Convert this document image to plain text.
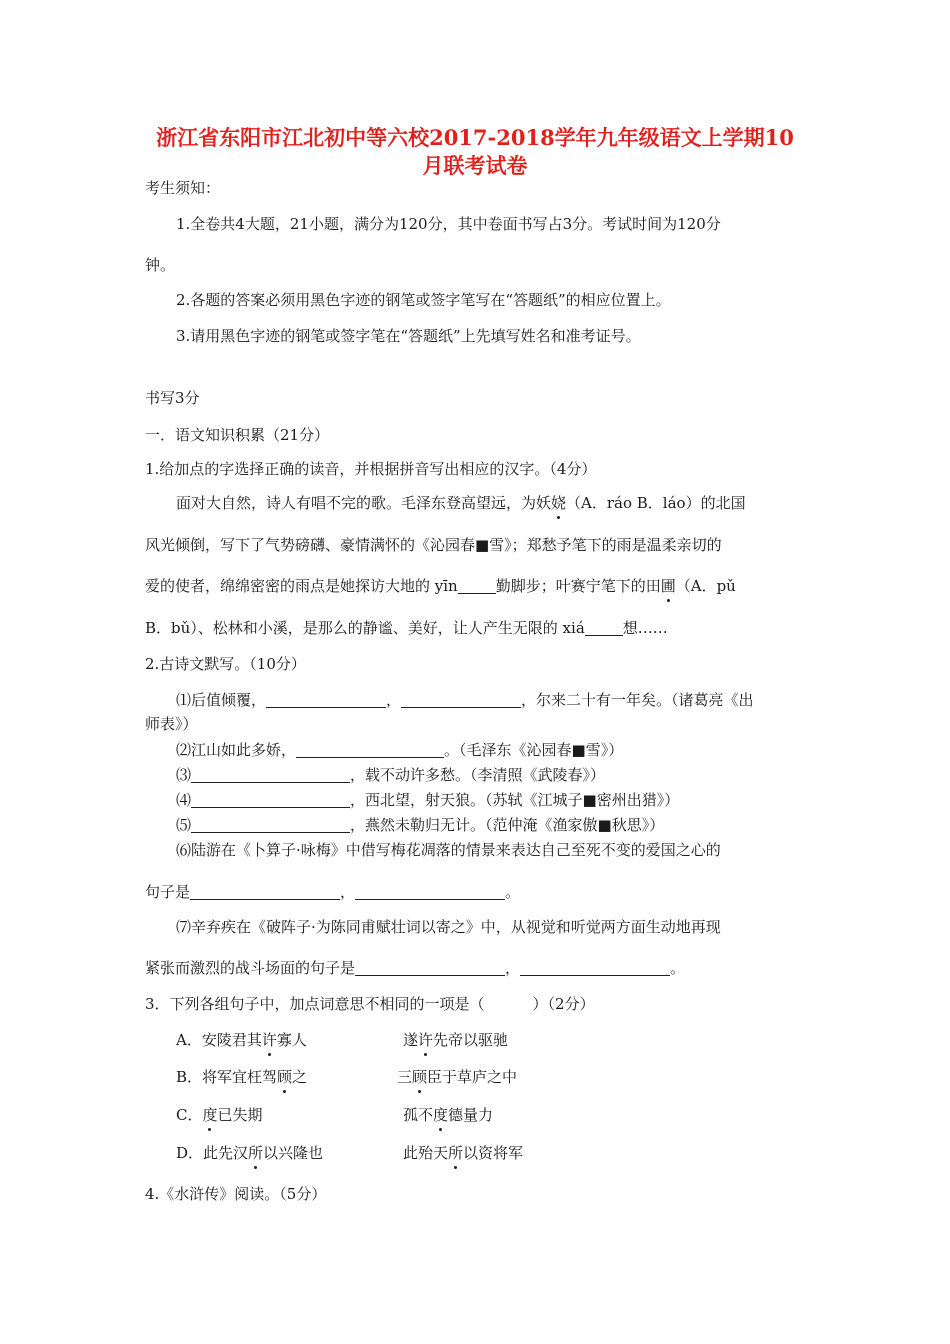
浙江省东阳市江北初中等六校2017-2018学年九年级语文上学期10
月联考试卷
考生须知：
1.全卷共4大题，21小题，满分为120分，其中卷面书写占3分。考试时间为120分
钟。
2.各题的答案必须用黑色字迹的钢笔或签字笔写在“答题纸”的相应位置上。
3.请用黑色字迹的钢笔或签字笔在“答题纸”上先填写姓名和准考证号。
书写3分
一．语文知识积累（21分）
1.给加点的字选择正确的读音，并根据拼音写出相应的汉字。（4分）
面对大自然，诗人有唱不完的歌。毛泽东登高望远，为妖娆（A．ráo B．láo）的北国
风光倾倒，写下了气势磅礴、豪情满怀的《沁园春■雪》；郑愁予笔下的雨是温柔亲切的
爱的使者，绵绵密密的雨点是她探访大地的 yīn	勤脚步；叶赛宁笔下的田圃（A．pǔ
B．bǔ）、松林和小溪，是那么的静谧、美好，让人产生无限的 xiá	想……
2.古诗文默写。（10分）
⑴后值倾覆，	，	，尔来二十有一年矣。（诸葛亮《出
师表》）
⑵江山如此多娇，	。（毛泽东《沁园春■雪》）
⑶	，载不动许多愁。（李清照《武陵春》）
⑷	，西北望，射天狼。（苏轼《江城子■密州出猎》）
⑸	，燕然未勒归无计。（范仲淹《渔家傲■秋思》）
⑹陆游在《卜算子·咏梅》中借写梅花凋落的情景来表达自己至死不变的爱国之心的
句子是	，	。
⑺辛弃疾在《破阵子·为陈同甫赋壮词以寄之》中，从视觉和听觉两方面生动地再现
紧张而激烈的战斗场面的句子是	，	。
3．下列各组句子中，加点词意思不相同的一项是（	）（2分）
A．安陵君其许寡人	遂许先帝以驱驰
B．将军宜枉驾顾之	三顾臣于草庐之中
C．度已失期	孤不度德量力
D．此先汉所以兴隆也	此殆天所以资将军
4.《水浒传》阅读。（5分）
